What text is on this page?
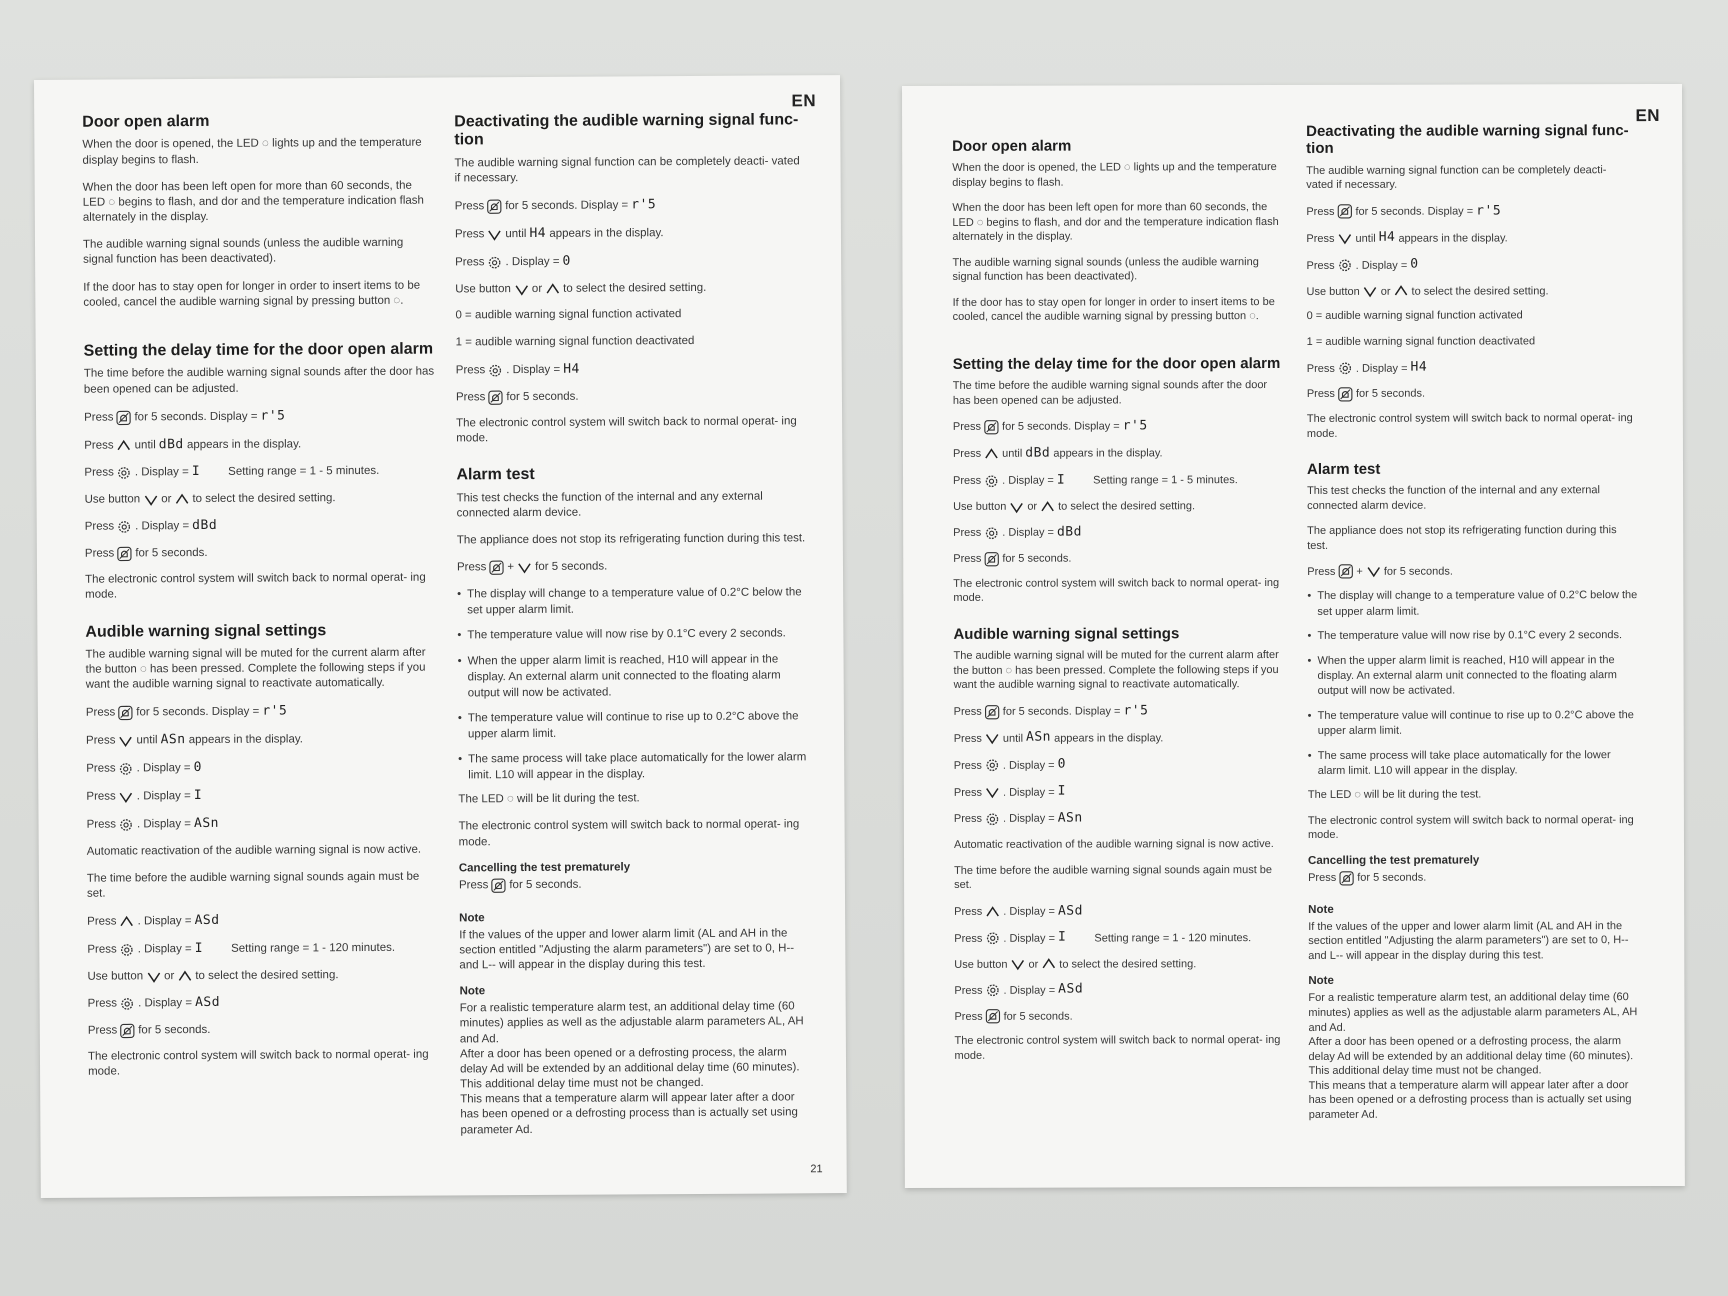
EN
Door open alarm

When the door is opened, the LED ◌ lights up and the temperature display begins to flash.

When the door has been left open for more than 60 seconds, the LED ◌ begins to flash, and dor and the temperature indication flash alternately in the display.

The audible warning signal sounds (unless the audible warning signal function has been deactivated).

If the door has to stay open for longer in order to insert items to be cooled, cancel the audible warning signal by pressing button ◌.

Setting the delay time for the door open alarm

The time before the audible warning signal sounds after the door has been opened can be adjusted.

Press for 5 seconds. Display = r'5
Press until dBd
appears in the display.
Press . Display = I Setting range = 1 - 5 minutes.
Use button or to select the desired setting.
Press . Display = dBd
Press for 5 seconds.

The electronic control system will switch back to normal operat- ing mode.

Audible warning signal settings

The audible warning signal will be muted for the current alarm after the button ◌ has been pressed. Complete the following steps if you want the audible warning signal to reactivate automatically.

Press for 5 seconds. Display = r'5
Press until ASn
appears in the display.
Press . Display = 0
Press . Display = I
Press . Display = ASn

Automatic reactivation of the audible warning signal is now active.

The time before the audible warning signal sounds again must be set.

Press . Display = ASd
Press . Display = I Setting range = 1 - 120 minutes.
Use button or to select the desired setting.
Press . Display = ASd
Press for 5 seconds.

The electronic control system will switch back to normal operat- ing mode.

Deactivating the audible warning signal func- tion

The audible warning signal function can be completely deacti- vated if necessary.

Press for 5 seconds. Display = r'5
Press until H4
appears in the display.
Press . Display = 0
Use button or to select the desired setting.

0 = audible warning signal function activated

1 = audible warning signal function deactivated

Press . Display = H4
Press for 5 seconds.

The electronic control system will switch back to normal operat- ing mode.

Alarm test

This test checks the function of the internal and any external connected alarm device.

The appliance does not stop its refrigerating function during this test.

Press + for 5 seconds.
• The display will change to a temperature value of 0.2°C below the set upper alarm limit.
• The temperature value will now rise by 0.1°C every 2 seconds.
• When the upper alarm limit is reached, H10 will appear in the display. An external alarm unit connected to the floating alarm output will now be activated.
• The temperature value will continue to rise up to 0.2°C above the upper alarm limit.
• The same process will take place automatically for the lower alarm limit. L10 will appear in the display.

The LED ◌ will be lit during the test.

The electronic control system will switch back to normal operat- ing mode.

Cancelling the test prematurely
Press for 5 seconds.
Note

If the values of the upper and lower alarm limit (AL and AH in the section entitled "Adjusting the alarm parameters") are set to 0, H-- and L-- will appear in the display during this test.

Note

For a realistic temperature alarm test, an additional delay time (60 minutes) applies as well as the adjustable alarm parameters AL, AH and Ad.

After a door has been opened or a defrosting process, the alarm delay Ad will be extended by an additional delay time (60 minutes).

This additional delay time must not be changed.

This means that a temperature alarm will appear later after a door has been opened or a defrosting process than is actually set using parameter Ad.

21
EN
Door open alarm

When the door is opened, the LED ◌ lights up and the temperature display begins to flash.

When the door has been left open for more than 60 seconds, the LED ◌ begins to flash, and dor and the temperature indication flash alternately in the display.

The audible warning signal sounds (unless the audible warning signal function has been deactivated).

If the door has to stay open for longer in order to insert items to be cooled, cancel the audible warning signal by pressing button ◌.

Setting the delay time for the door open alarm

The time before the audible warning signal sounds after the door has been opened can be adjusted.

Press for 5 seconds. Display = r'5
Press until dBd
appears in the display.
Press . Display = I	Setting range = 1 - 5 minutes.
Use button or to select the desired setting.
Press . Display = dBd
Press for 5 seconds.

The electronic control system will switch back to normal operat- ing mode.

Audible warning signal settings

The audible warning signal will be muted for the current alarm after the button ◌ has been pressed. Complete the following steps if you want the audible warning signal to reactivate automatically.

Press for 5 seconds. Display = r'5
Press until ASn
appears in the display.
Press . Display = 0
Press . Display = I
Press . Display = ASn

Automatic reactivation of the audible warning signal is now active.

The time before the audible warning signal sounds again must be set.

Press . Display = ASd
Press . Display = I	Setting range = 1 - 120 minutes.
Use button or to select the desired setting.
Press . Display = ASd
Press for 5 seconds.

The electronic control system will switch back to normal operat- ing mode.

Deactivating the audible warning signal func- tion

The audible warning signal function can be completely deacti- vated if necessary.

Press for 5 seconds. Display = r'5
Press until H4
appears in the display.
Press . Display = 0
Use button or to select the desired setting.

0 = audible warning signal function activated

1 = audible warning signal function deactivated

Press . Display = H4
Press for 5 seconds.

The electronic control system will switch back to normal operat- ing mode.

Alarm test

This test checks the function of the internal and any external connected alarm device.

The appliance does not stop its refrigerating function during this test.

Press + for 5 seconds.
• The display will change to a temperature value of 0.2°C below the set upper alarm limit.
• The temperature value will now rise by 0.1°C every 2 seconds.
• When the upper alarm limit is reached, H10 will appear in the display. An external alarm unit connected to the floating alarm output will now be activated.
• The temperature value will continue to rise up to 0.2°C above the upper alarm limit.
• The same process will take place automatically for the lower alarm limit. L10 will appear in the display.

The LED ◌ will be lit during the test.

The electronic control system will switch back to normal operat- ing mode.

Cancelling the test prematurely
Press for 5 seconds.
Note

If the values of the upper and lower alarm limit (AL and AH in the section entitled "Adjusting the alarm parameters") are set to 0, H-- and L-- will appear in the display during this test.

Note

For a realistic temperature alarm test, an additional delay time (60 minutes) applies as well as the adjustable alarm parameters AL, AH and Ad.

After a door has been opened or a defrosting process, the alarm delay Ad will be extended by an additional delay time (60 minutes).

This additional delay time must not be changed.

This means that a temperature alarm will appear later after a door has been opened or a defrosting process than is actually set using parameter Ad.
